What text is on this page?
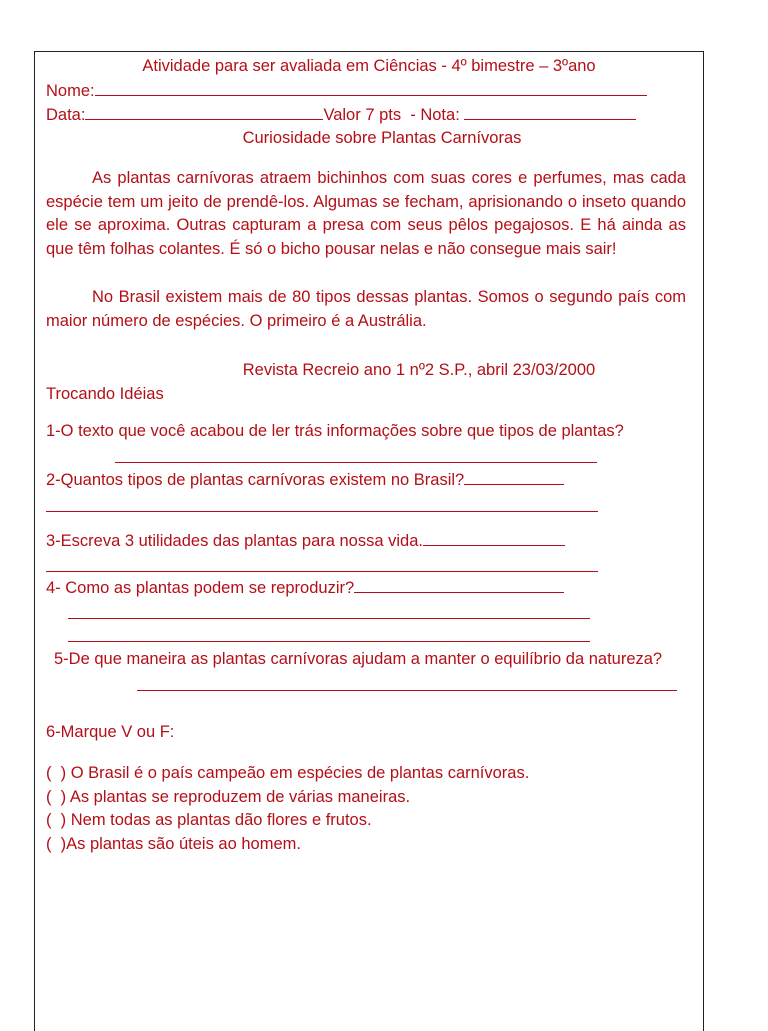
Atividade para ser avaliada em Ciências - 4º bimestre – 3ºano
Nome:
Data:	Valor 7 pts  - Nota:
Curiosidade sobre Plantas Carnívoras
As plantas carnívoras atraem bichinhos com suas cores e perfumes, mas cada espécie tem um jeito de prendê-los. Algumas se fecham, aprisionando o inseto quando ele se aproxima. Outras capturam a presa com seus pêlos pegajosos. E há ainda as que têm folhas colantes. É só o bicho pousar nelas e não consegue mais sair!
No Brasil existem mais de 80 tipos dessas plantas. Somos o segundo país com maior número de espécies. O primeiro é a Austrália.
Revista Recreio ano 1 nº2 S.P., abril 23/03/2000
Trocando Idéias
1-O texto que você acabou de ler trás informações sobre que tipos de plantas?
2-Quantos tipos de plantas carnívoras existem no Brasil?
3-Escreva 3 utilidades das plantas para nossa vida.
4- Como as plantas podem se reproduzir?
5-De que maneira as plantas carnívoras ajudam a manter o equilíbrio da natureza?
6-Marque V ou F:
(  ) O Brasil é o país campeão em espécies de plantas carnívoras.
(  ) As plantas se reproduzem de várias maneiras.
(  ) Nem todas as plantas dão flores e frutos.
(  )As plantas são úteis ao homem.
